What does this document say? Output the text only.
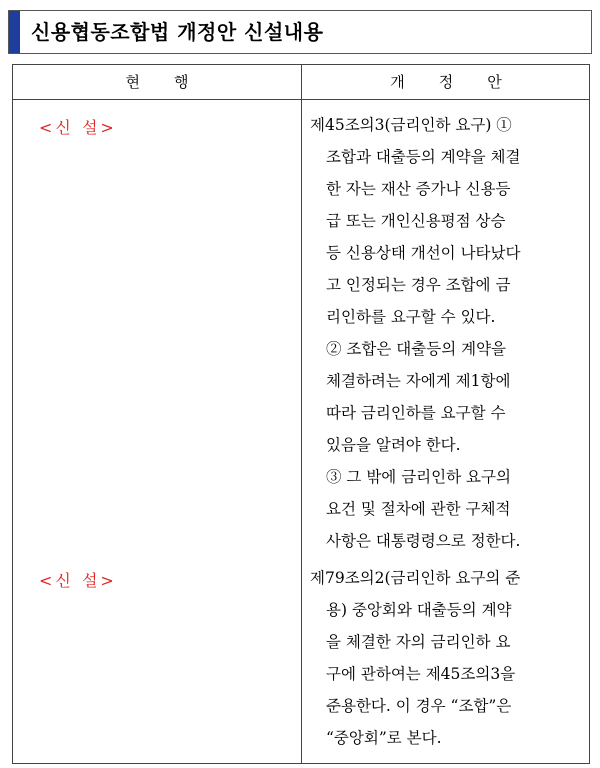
신용협동조합법 개정안 신설내용
현행	개정안
<신 설>
<신 설>
제45조의3(금리인하 요구) ①
조합과 대출등의 계약을 체결
한 자는 재산 증가나 신용등
급 또는 개인신용평점 상승
등 신용상태 개선이 나타났다
고 인정되는 경우 조합에 금
리인하를 요구할 수 있다.
② 조합은 대출등의 계약을
체결하려는 자에게 제1항에
따라 금리인하를 요구할 수
있음을 알려야 한다.
③ 그 밖에 금리인하 요구의
요건 및 절차에 관한 구체적
사항은 대통령령으로 정한다.
제79조의2(금리인하 요구의 준
용) 중앙회와 대출등의 계약
을 체결한 자의 금리인하 요
구에 관하여는 제45조의3을
준용한다. 이 경우 “조합”은
“중앙회”로 본다.
